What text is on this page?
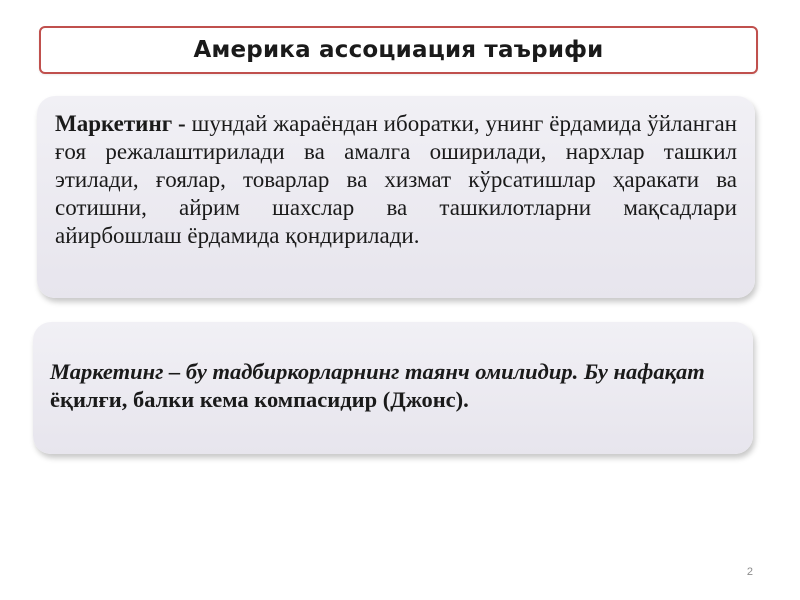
Америка ассоциация таърифи

Маркетинг - шундай жараёндан иборатки, унинг ёрдамида ўйланган ғоя режалаштирилади ва амалга оширилади, нархлар ташкил этилади, ғоялар, товарлар ва хизмат кўрсатишлар ҳаракати ва сотишни, айрим шахслар ва ташкилотларни мақсадлари айирбошлаш ёрдамида қондирилади.

Маркетинг – бу тадбиркорларнинг таянч омилидир. Бу нафақат ёқилғи, балки кема компасидир (Джонс).

2
